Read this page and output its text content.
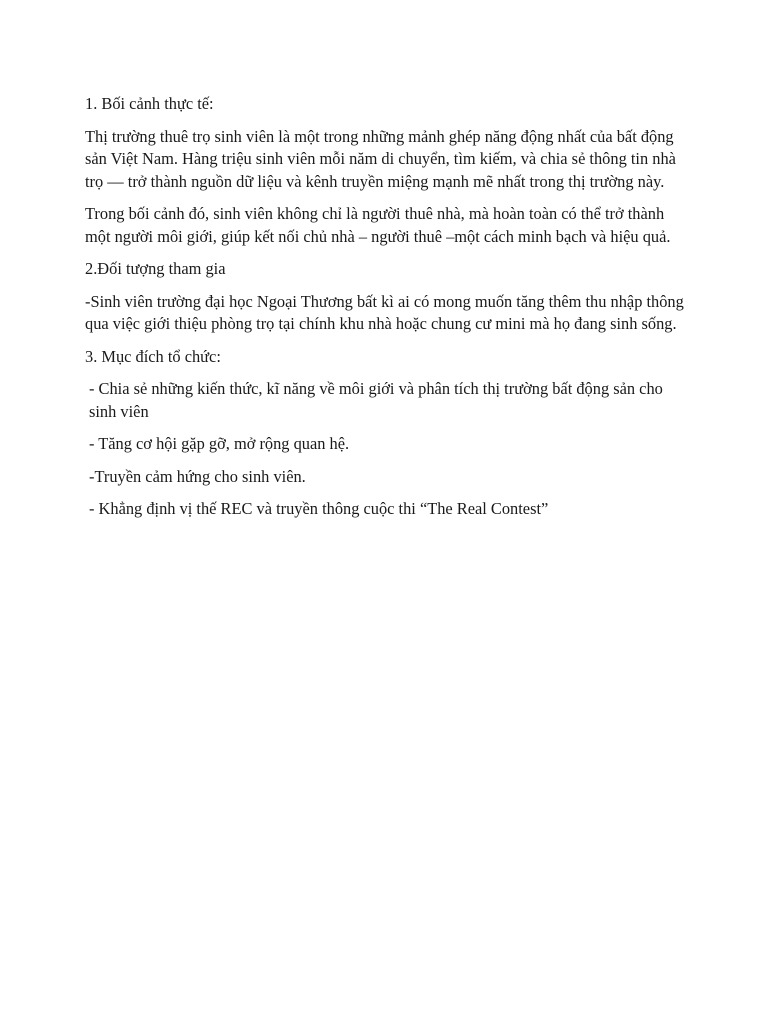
1. Bối cảnh thực tế:

Thị trường thuê trọ sinh viên là một trong những mảnh ghép năng động nhất của bất động sản Việt Nam. Hàng triệu sinh viên mỗi năm di chuyển, tìm kiếm, và chia sẻ thông tin nhà trọ — trở thành nguồn dữ liệu và kênh truyền miệng mạnh mẽ nhất trong thị trường này.

Trong bối cảnh đó, sinh viên không chỉ là người thuê nhà, mà hoàn toàn có thể trở thành một người môi giới, giúp kết nối chủ nhà – người thuê –một cách minh bạch và hiệu quả.

2.Đối tượng tham gia

-Sinh viên trường đại học Ngoại Thương bất kì ai có mong muốn tăng thêm thu nhập thông qua việc giới thiệu phòng trọ tại chính khu nhà hoặc chung cư mini mà họ đang sinh sống.

3. Mục đích tổ chức:

- Chia sẻ những kiến thức, kĩ năng về môi giới và phân tích thị trường bất động sản cho sinh viên

- Tăng cơ hội gặp gỡ, mở rộng quan hệ.

-Truyền cảm hứng cho sinh viên.

- Khẳng định vị thế REC và truyền thông cuộc thi “The Real Contest”
